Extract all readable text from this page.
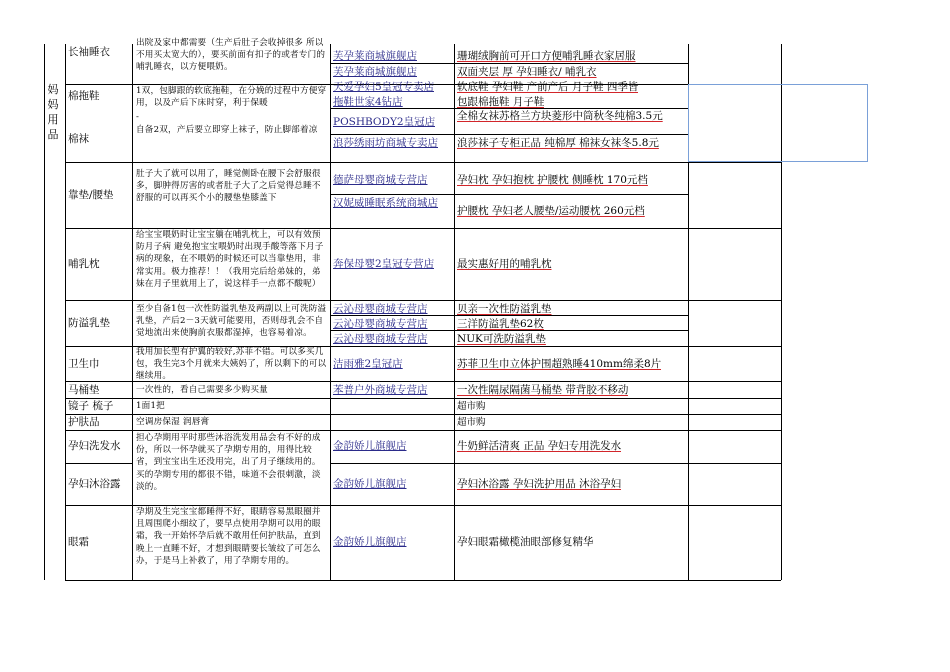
妈妈用品
长袖睡衣
棉拖鞋
棉袜
靠垫/腰垫
哺乳枕
防溢乳垫
卫生巾
马桶垫
镜子 梳子
护肤品
孕妇洗发水
孕妇沐浴露
眼霜
出院及家中都需要（生产后肚子会收掉很多 所以不用买太宽大的），要买前面有扣子的或者专门的哺乳睡衣，以方便喂奶。
1双，包脚跟的软底拖鞋，在分娩的过程中方便穿用，以及产后下床时穿，利于保暖
-
自备2双，产后要立即穿上袜子，防止脚部着凉
肚子大了就可以用了，睡觉侧卧在腰下会舒服很多，脚肿得厉害的或者肚子大了之后觉得总睡不舒服的可以再买个小的腰垫垫膝盖下
给宝宝喂奶时让宝宝躺在哺乳枕上，可以有效预防月子病 避免抱宝宝喂奶时出现手酸等落下月子病的现象，在不喂奶的时候还可以当靠垫用，非常实用。极力推荐！！（我用完后给弟妹的，弟妹在月子里就用上了，说这样手一点都不酸呢）
至少自备1包一次性防溢乳垫及两副以上可洗防溢乳垫，产后2－3天就可能要用，否则母乳会不自觉地流出来使胸前衣服都湿掉，也容易着凉。
我用加长型有护翼的较好,苏菲不错。可以多买几包，我生完3个月就来大姨妈了，所以剩下的可以继续用。
一次性的，看自己需要多少购买量
1面1把
空调房保湿 润唇膏
担心孕期用平时那些沐浴洗发用品会有不好的成份，所以一怀孕就买了孕期专用的，用得比较省，到宝宝出生还没用完，出了月子继续用的。买的孕期专用的都很不错，味道不会很刺激，淡淡的。
孕期及生完宝宝都睡得不好，眼睛容易黑眼圈并且周围爬小细纹了，要早点使用孕期可以用的眼霜，我一开始怀孕后就不敢用任何护肤品，直到晚上一直睡不好，才想到眼睛要长皱纹了可怎么办，于是马上补救了，用了孕期专用的。
芙孕莱商城旗舰店
芙孕莱商城旗舰店
天爱孕妇5皇冠专卖店
拖鞋世家4钻店
POSHBODY2皇冠店
浪莎绣雨坊商城专卖店
德萨母婴商城专营店
汉妮威睡眠系统商城店
奔保母婴2皇冠专营店
云沁母婴商城专营店
云沁母婴商城专营店
云沁母婴商城专营店
洁雨雅2皇冠店
苯普户外商城专营店
金韵娇儿旗舰店
金韵娇儿旗舰店
金韵娇儿旗舰店
珊瑚绒胸前可开口方便哺乳睡衣家居服
双面夹层 厚 孕妇睡衣/ 哺乳衣
软底鞋 孕妇鞋 产前产后 月子鞋 四季皆
包跟棉拖鞋 月子鞋
全棉女袜苏格兰方块菱形中筒秋冬纯棉3.5元
浪莎袜子专柜正品 纯棉厚 棉袜女袜冬5.8元
孕妇枕 孕妇抱枕 护腰枕 侧睡枕 170元档
护腰枕 孕妇老人腰垫/运动腰枕 260元档
最实惠好用的哺乳枕
贝亲一次性防溢乳垫
三洋防溢乳垫62枚
NUK可洗防溢乳垫
苏菲卫生巾立体护围超熟睡410mm绵柔8片
一次性隔尿隔菌马桶垫 带背胶不移动
超市购
超市购
牛奶鲜活清爽 正品 孕妇专用洗发水
孕妇沐浴露 孕妇洗护用品 沐浴孕妇
孕妇眼霜橄榄油眼部修复精华
